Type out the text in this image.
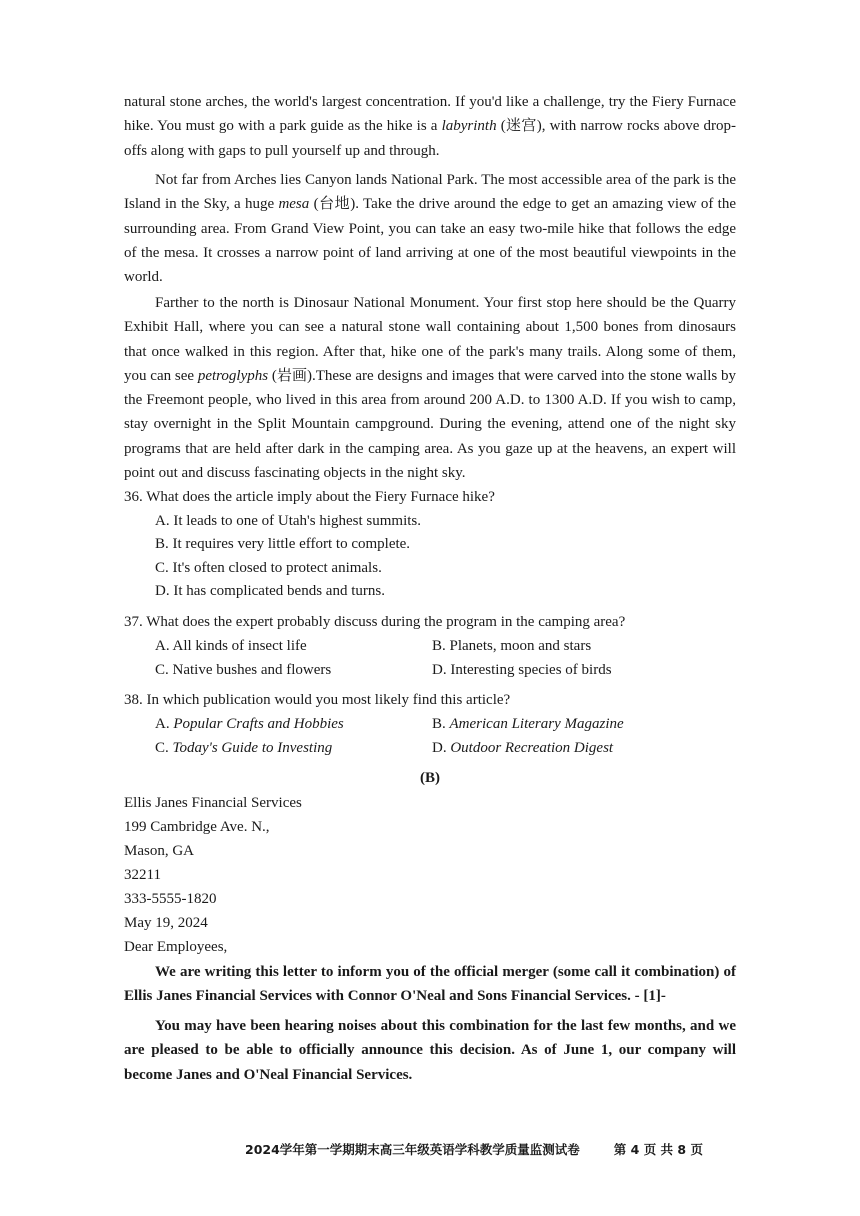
natural stone arches, the world's largest concentration. If you'd like a challenge, try the Fiery Furnace hike. You must go with a park guide as the hike is a labyrinth (迷宫), with narrow rocks above drop-offs along with gaps to pull yourself up and through.

Not far from Arches lies Canyon lands National Park. The most accessible area of the park is the Island in the Sky, a huge mesa (台地). Take the drive around the edge to get an amazing view of the surrounding area. From Grand View Point, you can take an easy two-mile hike that follows the edge of the mesa. It crosses a narrow point of land arriving at one of the most beautiful viewpoints in the world.

Farther to the north is Dinosaur National Monument. Your first stop here should be the Quarry Exhibit Hall, where you can see a natural stone wall containing about 1,500 bones from dinosaurs that once walked in this region. After that, hike one of the park's many trails. Along some of them, you can see petroglyphs (岩画).These are designs and images that were carved into the stone walls by the Freemont people, who lived in this area from around 200 A.D. to 1300 A.D. If you wish to camp, stay overnight in the Split Mountain campground. During the evening, attend one of the night sky programs that are held after dark in the camping area. As you gaze up at the heavens, an expert will point out and discuss fascinating objects in the night sky.

36. What does the article imply about the Fiery Furnace hike?
A. It leads to one of Utah's highest summits.
B. It requires very little effort to complete.
C. It's often closed to protect animals.
D. It has complicated bends and turns.
37. What does the expert probably discuss during the program in the camping area?
A. All kinds of insect life	B. Planets, moon and stars
C. Native bushes and flowers	D. Interesting species of birds
38. In which publication would you most likely find this article?
A. Popular Crafts and Hobbies	B. American Literary Magazine
C. Today's Guide to Investing	D. Outdoor Recreation Digest
(B)
Ellis Janes Financial Services
199 Cambridge Ave. N.,
Mason, GA
32211
333-5555-1820
May 19, 2024
Dear Employees,

We are writing this letter to inform you of the official merger (some call it combination) of Ellis Janes Financial Services with Connor O'Neal and Sons Financial Services. - [1]-

You may have been hearing noises about this combination for the last few months, and we are pleased to be able to officially announce this decision. As of June 1, our company will become Janes and O'Neal Financial Services.

2024学年第一学期期末高三年级英语学科教学质量监测试卷	第 4 页 共 8 页
